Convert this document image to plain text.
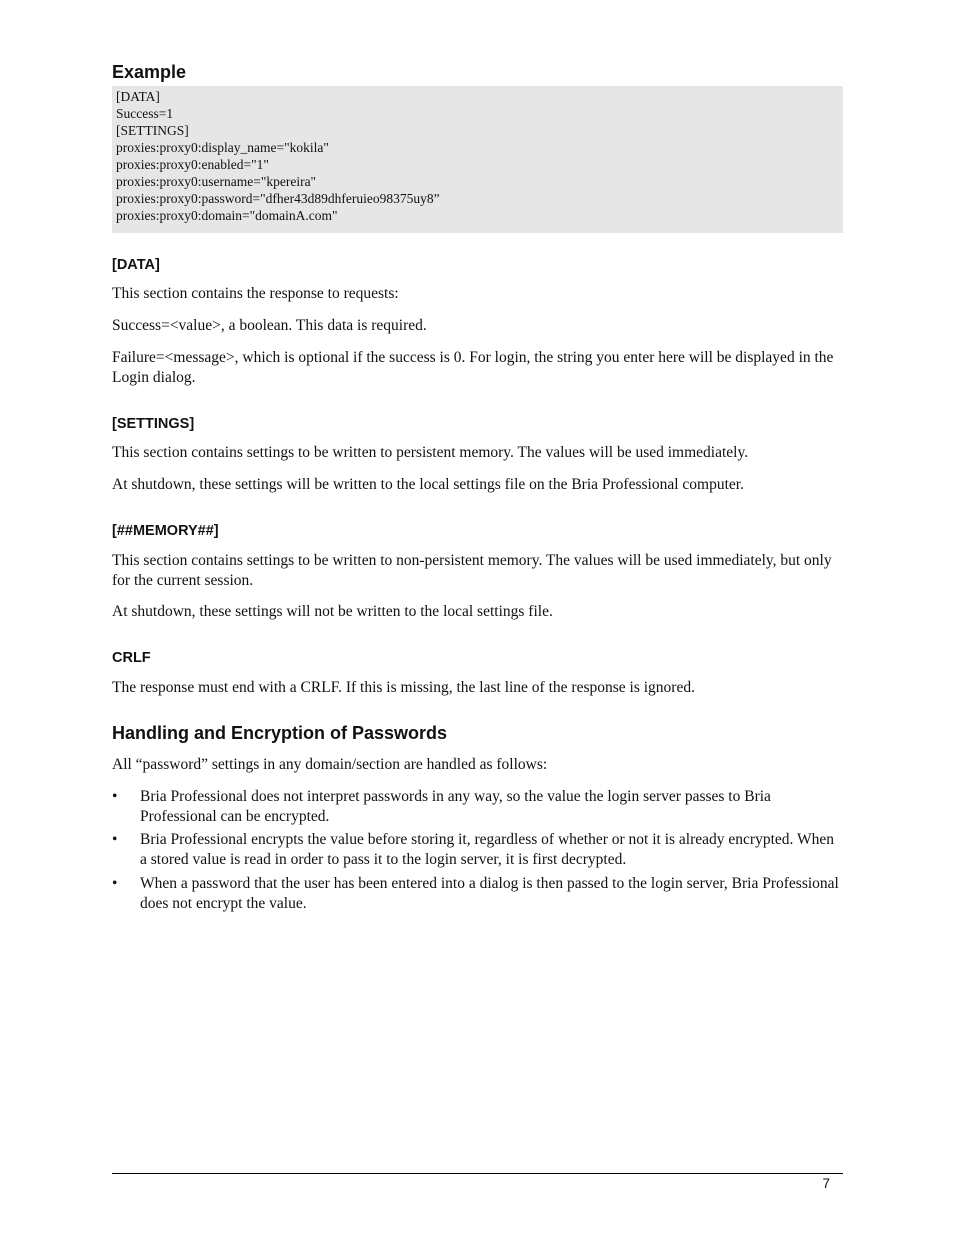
Example
[DATA]
Success=1
[SETTINGS]
proxies:proxy0:display_name="kokila"
proxies:proxy0:enabled="1"
proxies:proxy0:username="kpereira"
proxies:proxy0:password="dfher43d89dhferuieo98375uy8”
proxies:proxy0:domain="domainA.com"
[DATA]

This section contains the response to requests:

Success=<value>, a boolean. This data is required.

Failure=<message>, which is optional if the success is 0. For login, the string you enter here will be displayed in the Login dialog.

[SETTINGS]

This section contains settings to be written to persistent memory. The values will be used immediately.

At shutdown, these settings will be written to the local settings file on the Bria Professional computer.

[##MEMORY##]

This section contains settings to be written to non-persistent memory. The values will be used immediately, but only for the current session.

At shutdown, these settings will not be written to the local settings file.

CRLF

The response must end with a CRLF. If this is missing, the last line of the response is ignored.

Handling and Encryption of Passwords

All “password” settings in any domain/section are handled as follows:

• Bria Professional does not interpret passwords in any way, so the value the login server passes to Bria Professional can be encrypted.
• Bria Professional encrypts the value before storing it, regardless of whether or not it is already encrypted. When a stored value is read in order to pass it to the login server, it is first decrypted.
• When a password that the user has been entered into a dialog is then passed to the login server, Bria Professional does not encrypt the value.
7
